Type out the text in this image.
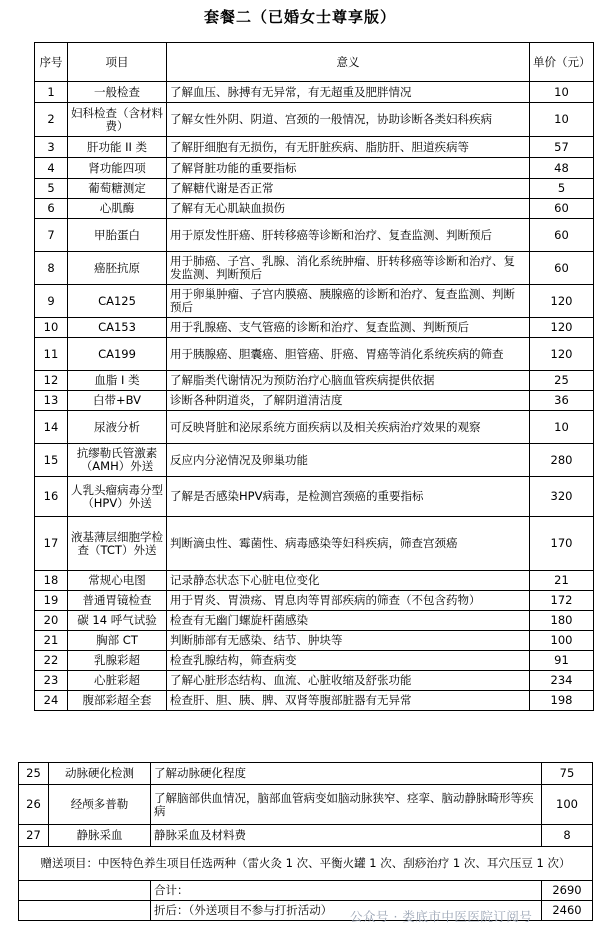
套餐二（已婚女士尊享版）
序号	项目	意义	单价（元）
1	一般检查	了解血压、脉搏有无异常，有无超重及肥胖情况	10
2	妇科检查（含材料费）	了解女性外阴、阴道、宫颈的一般情况，协助诊断各类妇科疾病	10
3	肝功能 II 类	了解肝细胞有无损伤，有无肝脏疾病、脂肪肝、胆道疾病等	57
4	肾功能四项	了解肾脏功能的重要指标	48
5	葡萄糖测定	了解糖代谢是否正常	5
6	心肌酶	了解有无心肌缺血损伤	60
7	甲胎蛋白	用于原发性肝癌、肝转移癌等诊断和治疗、复查监测、判断预后	60
8	癌胚抗原	用于肺癌、子宫、乳腺、消化系统肿瘤、肝转移癌等诊断和治疗、复发监测、判断预后	60
9	CA125	用于卵巢肿瘤、子宫内膜癌、胰腺癌的诊断和治疗、复查监测、判断预后	120
10	CA153	用于乳腺癌、支气管癌的诊断和治疗、复查监测、判断预后	120
11	CA199	用于胰腺癌、胆囊癌、胆管癌、肝癌、胃癌等消化系统疾病的筛查	120
12	血脂 I 类	了解脂类代谢情况为预防治疗心脑血管疾病提供依据	25
13	白带+BV	诊断各种阴道炎，了解阴道清洁度	36
14	尿液分析	可反映肾脏和泌尿系统方面疾病以及相关疾病治疗效果的观察	10
15	抗缪勒氏管激素（AMH）外送	反应内分泌情况及卵巢功能	280
16	人乳头瘤病毒分型（HPV）外送	了解是否感染HPV病毒，是检测宫颈癌的重要指标	320
17	液基薄层细胞学检查（TCT）外送	判断滴虫性、霉菌性、病毒感染等妇科疾病，筛查宫颈癌	170
18	常规心电图	记录静态状态下心脏电位变化	21
19	普通胃镜检查	用于胃炎、胃溃疡、胃息肉等胃部疾病的筛查（不包含药物）	172
20	碳 14 呼气试验	检查有无幽门螺旋杆菌感染	180
21	胸部 CT	判断肺部有无感染、结节、肿块等	100
22	乳腺彩超	检查乳腺结构，筛查病变	91
23	心脏彩超	了解心脏形态结构、血流、心脏收缩及舒张功能	234
24	腹部彩超全套	检查肝、胆、胰、脾、双肾等腹部脏器有无异常	198
25	动脉硬化检测	了解动脉硬化程度	75
26	经颅多普勒	了解脑部供血情况，脑部血管病变如脑动脉狭窄、痉挛、脑动静脉畸形等疾病	100
27	静脉采血	静脉采血及材料费	8
赠送项目：中医特色养生项目任选两种（雷火灸 1 次、平衡火罐 1 次、刮痧治疗 1 次、耳穴压豆 1 次）			
		合计：	2690
		折后：（外送项目不参与打折活动）	2460
公众号 · 娄底市中医医院订阅号
